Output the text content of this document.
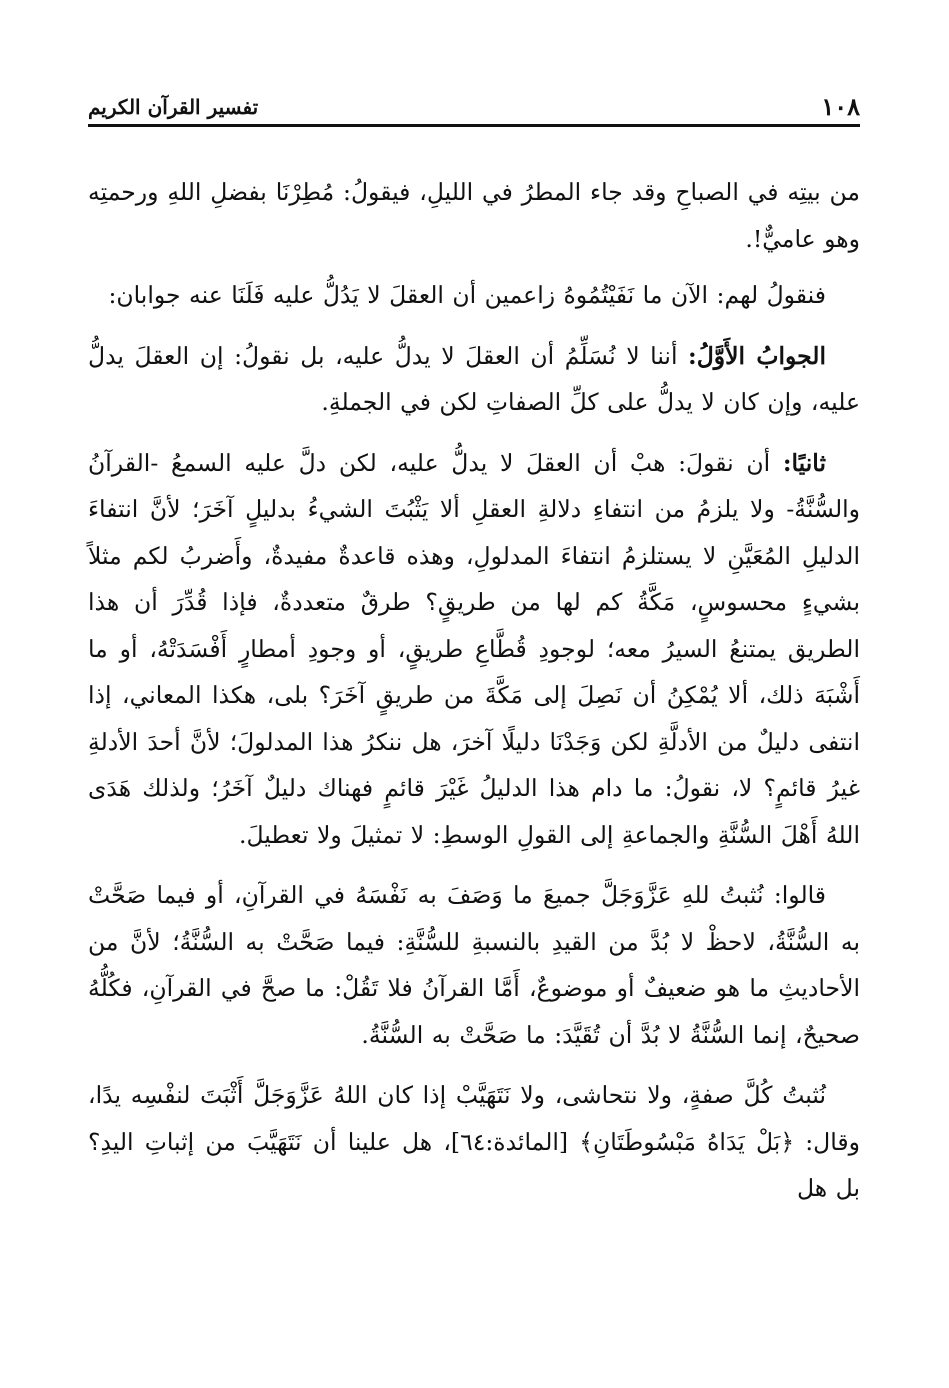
١٠٨
تفسير القرآن الكريم

من بيتِه في الصباحِ وقد جاء المطرُ في الليلِ، فيقولُ: مُطِرْنَا بفضلِ اللهِ ورحمتِه وهو عاميٌّ!.

فنقولُ لهم: الآن ما نَفَيْتُمُوهُ زاعمين أن العقلَ لا يَدُلُّ عليه فَلَنَا عنه جوابان:

الجوابُ الأَوَّلُ: أننا لا نُسَلِّمُ أن العقلَ لا يدلُّ عليه، بل نقولُ: إن العقلَ يدلُّ عليه، وإن كان لا يدلُّ على كلِّ الصفاتِ لكن في الجملةِ.

ثانيًا: أن نقولَ: هبْ أن العقلَ لا يدلُّ عليه، لكن دلَّ عليه السمعُ -القرآنُ والسُّنَّةُ- ولا يلزمُ من انتفاءِ دلالةِ العقلِ ألا يَثْبُتَ الشيءُ بدليلٍ آخَرَ؛ لأنَّ انتفاءَ الدليلِ المُعَيَّنِ لا يستلزمُ انتفاءَ المدلولِ، وهذه قاعدةٌ مفيدةٌ، وأَضربُ لكم مثلاً بشيءٍ محسوسٍ، مَكَّةُ كم لها من طريقٍ؟ طرقٌ متعددةٌ، فإذا قُدِّرَ أن هذا الطريق يمتنعُ السيرُ معه؛ لوجودِ قُطَّاعِ طريقٍ، أو وجودِ أمطارٍ أَفْسَدَتْهُ، أو ما أَشْبَهَ ذلك، ألا يُمْكِنُ أن نَصِلَ إلى مَكَّةَ من طريقٍ آخَرَ؟ بلى، هكذا المعاني، إذا انتفى دليلٌ من الأدلَّةِ لكن وَجَدْنَا دليلًا آخرَ، هل ننكرُ هذا المدلولَ؛ لأنَّ أحدَ الأدلةِ غيرُ قائمٍ؟ لا، نقولُ: ما دام هذا الدليلُ غَيْرَ قائمٍ فهناك دليلٌ آخَرُ؛ ولذلك هَدَى اللهُ أَهْلَ السُّنَّةِ والجماعةِ إلى القولِ الوسطِ: لا تمثيلَ ولا تعطيلَ.

قالوا: نُثبتُ للهِ عَزَّوَجَلَّ جميعَ ما وَصَفَ به نَفْسَهُ في القرآنِ، أو فيما صَحَّتْ به السُّنَّةُ، لاحظْ لا بُدَّ من القيدِ بالنسبةِ للسُّنَّةِ: فيما صَحَّتْ به السُّنَّةُ؛ لأنَّ من الأحاديثِ ما هو ضعيفٌ أو موضوعٌ، أَمَّا القرآنُ فلا تَقُلْ: ما صحَّ في القرآنِ، فكُلُّهُ صحيحٌ، إنما السُّنَّةُ لا بُدَّ أن تُقَيَّدَ: ما صَحَّتْ به السُّنَّةُ.

نُثبتُ كُلَّ صفةٍ، ولا نتحاشى، ولا نَتَهَيَّبْ إذا كان اللهُ عَزَّوَجَلَّ أَثْبَتَ لنفْسِه يدًا، وقال: ﴿بَلْ يَدَاهُ مَبْسُوطَتَانِ﴾ [المائدة:٦٤]، هل علينا أن نَتَهَيَّبَ من إثباتِ اليدِ؟ بل هل
